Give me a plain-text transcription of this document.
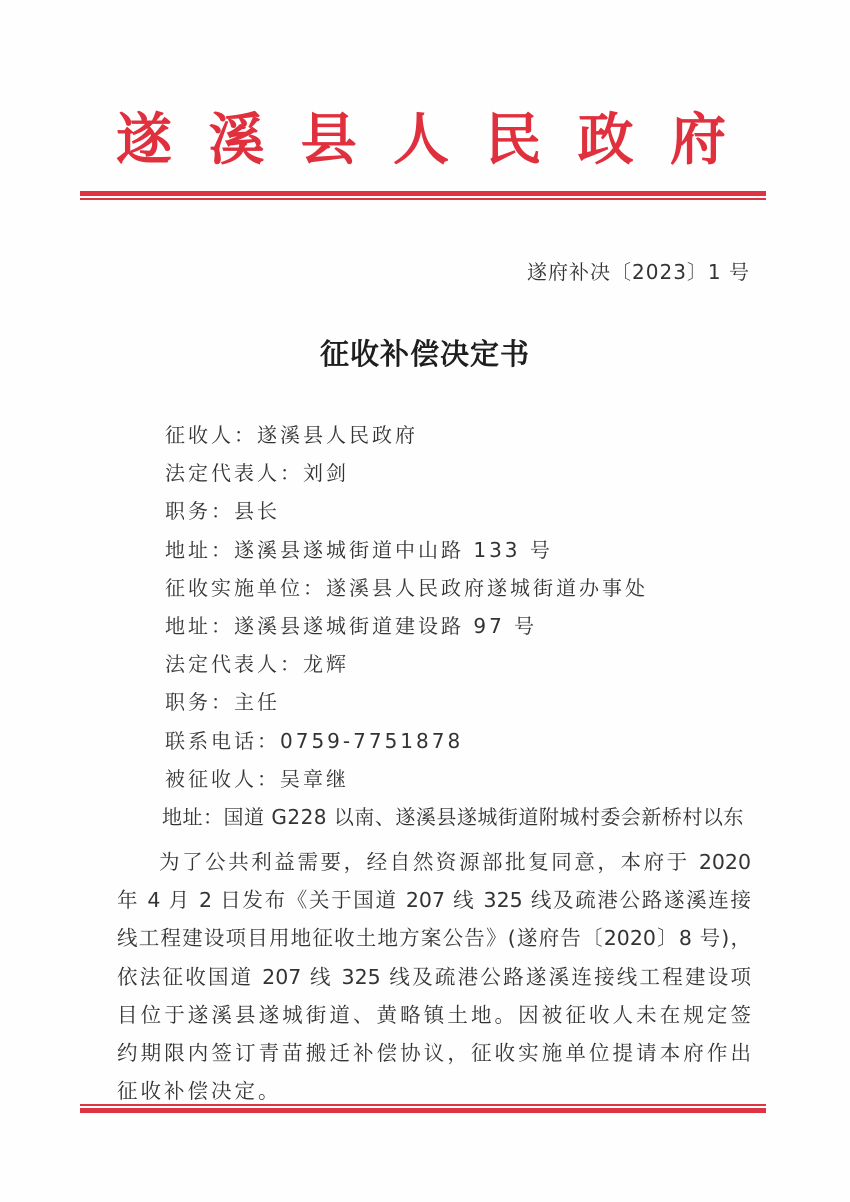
遂 溪 县 人 民 政 府
遂府补决〔2023〕1 号
征收补偿决定书
征收人：遂溪县人民政府
法定代表人：刘剑
职务：县长
地址：遂溪县遂城街道中山路 133 号
征收实施单位：遂溪县人民政府遂城街道办事处
地址：遂溪县遂城街道建设路 97 号
法定代表人：龙辉
职务：主任
联系电话：0759-7751878
被征收人：吴章继
地址：国道 G228 以南、遂溪县遂城街道附城村委会新桥村以东
为了公共利益需要，经自然资源部批复同意，本府于 2020
年 4 月 2 日发布《关于国道 207 线 325 线及疏港公路遂溪连接
线工程建设项目用地征收土地方案公告》(遂府告〔2020〕8 号)，
依法征收国道 207 线 325 线及疏港公路遂溪连接线工程建设项
目位于遂溪县遂城街道、黄略镇土地。因被征收人未在规定签
约期限内签订青苗搬迁补偿协议，征收实施单位提请本府作出
征收补偿决定。
